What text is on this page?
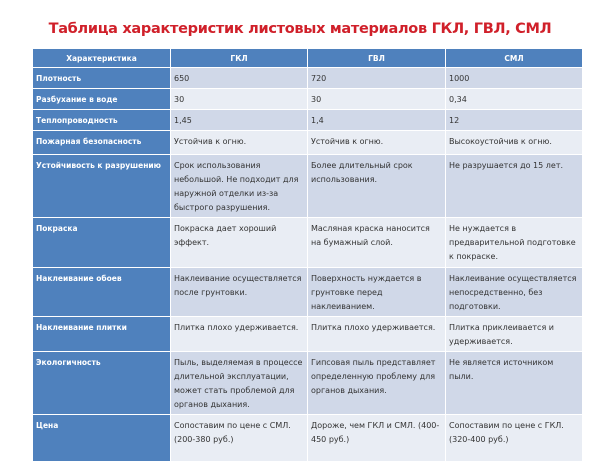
Таблица характеристик листовых материалов ГКЛ, ГВЛ, СМЛ
Характеристика	ГКЛ	ГВЛ	СМЛ
Плотность	650	720	1000
Разбухание в воде	30	30	0,34
Теплопроводность	1,45	1,4	12
Пожарная безопасность	Устойчив к огню.	Устойчив к огню.	Высокоустойчив к огню.
Устойчивость к разрушению	Срок использования небольшой. Не подходит для наружной отделки из-за быстрого разрушения.	Более длительный срок использования.	Не разрушается до 15 лет.
Покраска	Покраска дает хороший эффект.	Масляная краска наносится на бумажный слой.	Не нуждается в предварительной подготовке к покраске.
Наклеивание обоев	Наклеивание осуществляется после грунтовки.	Поверхность нуждается в грунтовке перед наклеиванием.	Наклеивание осуществляется непосредственно, без подготовки.
Наклеивание плитки	Плитка плохо удерживается.	Плитка плохо удерживается.	Плитка приклеивается и удерживается.
Экологичность	Пыль, выделяемая в процессе длительной эксплуатации, может стать проблемой для органов дыхания.	Гипсовая пыль представляет определенную проблему для органов дыхания.	Не является источником пыли.
Цена	Сопоставим по цене с СМЛ. (200-380 руб.)	Дороже, чем ГКЛ и СМЛ. (400-450 руб.)	Сопоставим по цене с ГКЛ.(320-400 руб.)
